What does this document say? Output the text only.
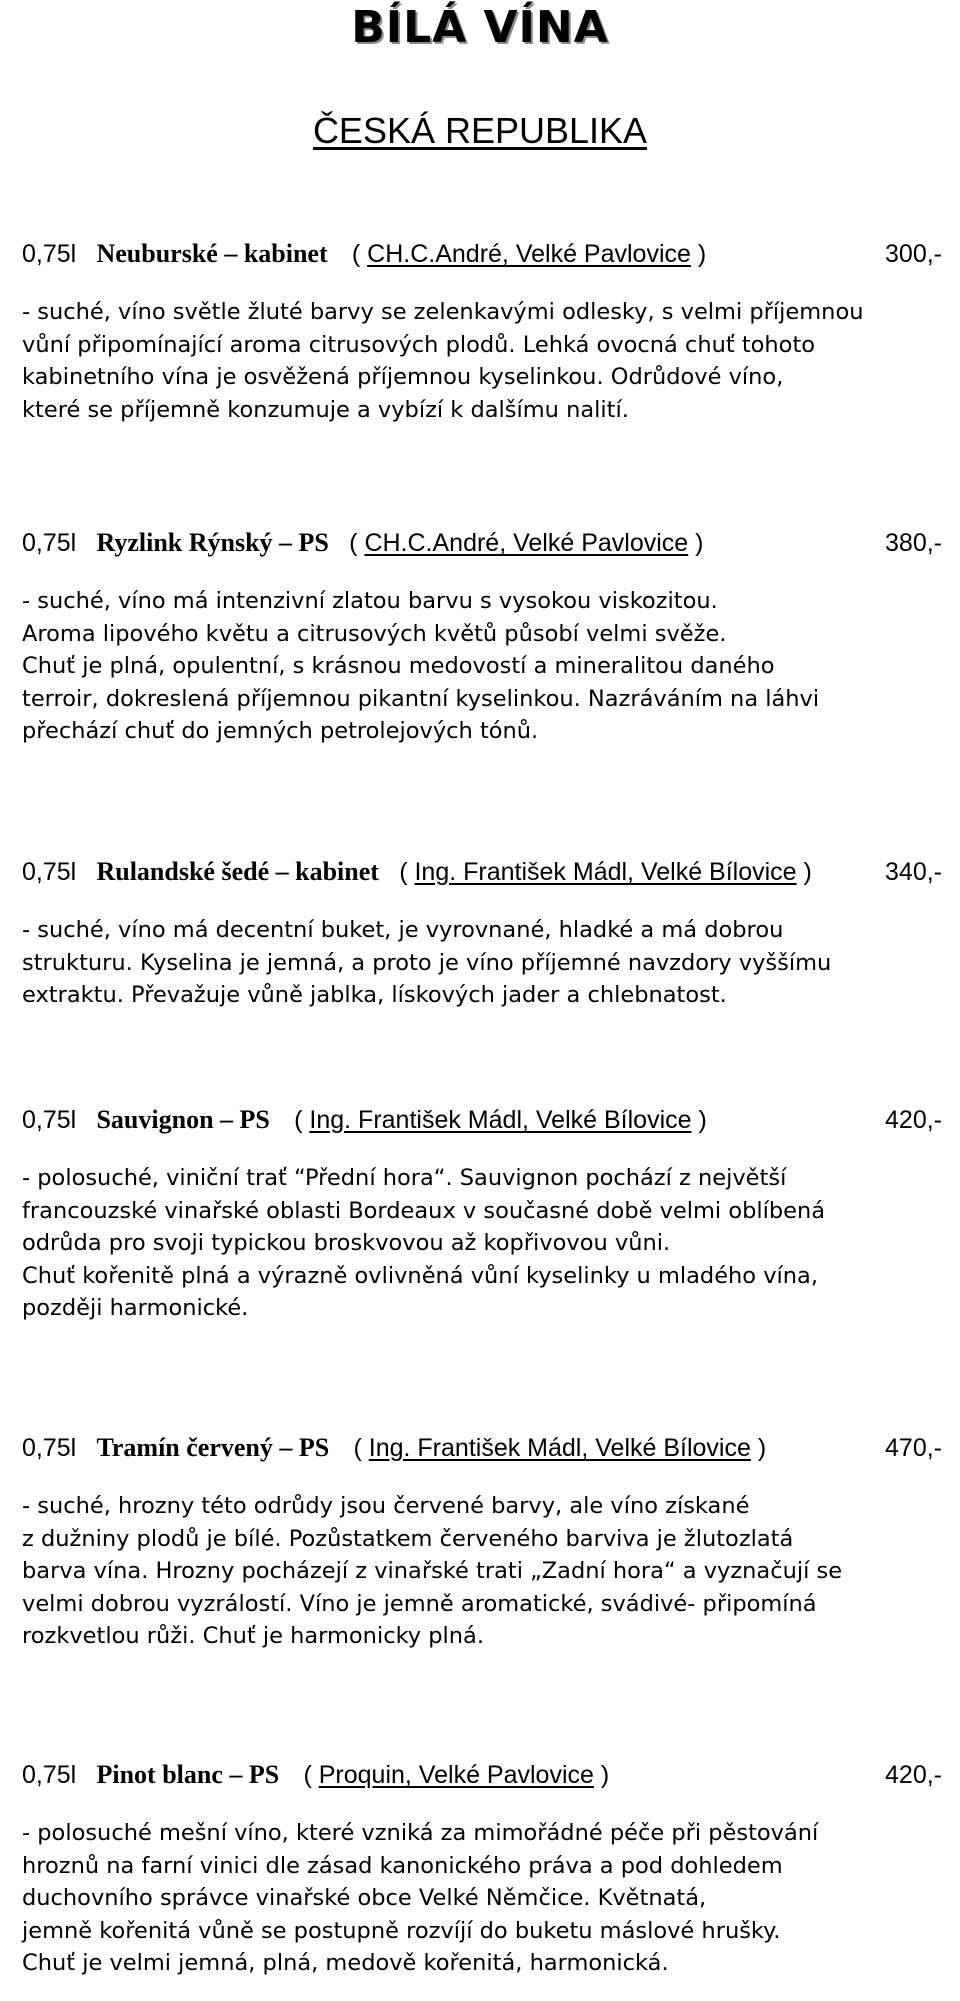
BÍLÁ VÍNA
ČESKÁ REPUBLIKA
0,75l Neuburské – kabinet ( CH.C.André, Velké Pavlovice )	300,-
- suché, víno světle žluté barvy se zelenkavými odlesky, s velmi příjemnou
vůní připomínající aroma citrusových plodů. Lehká ovocná chuť tohoto
kabinetního vína je osvěžená příjemnou kyselinkou. Odrůdové víno,
které se příjemně konzumuje a vybízí k dalšímu nalití.
0,75l Ryzlink Rýnský – PS ( CH.C.André, Velké Pavlovice )	380,-
- suché, víno má intenzivní zlatou barvu s vysokou viskozitou.
Aroma lipového květu a citrusových květů působí velmi svěže.
Chuť je plná, opulentní, s krásnou medovostí a mineralitou daného
terroir, dokreslená příjemnou pikantní kyselinkou. Nazráváním na láhvi
přechází chuť do jemných petrolejových tónů.
0,75l Rulandské šedé – kabinet ( Ing. František Mádl, Velké Bílovice )	340,-
- suché, víno má decentní buket, je vyrovnané, hladké a má dobrou
strukturu. Kyselina je jemná, a proto je víno příjemné navzdory vyššímu
extraktu. Převažuje vůně jablka, lískových jader a chlebnatost.
0,75l Sauvignon – PS ( Ing. František Mádl, Velké Bílovice )	420,-
- polosuché, viniční trať “Přední hora“. Sauvignon pochází z největší
francouzské vinařské oblasti Bordeaux v současné době velmi oblíbená
odrůda pro svoji typickou broskvovou až kopřivovou vůni.
Chuť kořenitě plná a výrazně ovlivněná vůní kyselinky u mladého vína,
později harmonické.
0,75l Tramín červený – PS ( Ing. František Mádl, Velké Bílovice )	470,-
- suché, hrozny této odrůdy jsou červené barvy, ale víno získané
z dužniny plodů je bílé. Pozůstatkem červeného barviva je žlutozlatá
barva vína. Hrozny pocházejí z vinařské trati „Zadní hora“ a vyznačují se
velmi dobrou vyzrálostí. Víno je jemně aromatické, svádivé- připomíná
rozkvetlou růži. Chuť je harmonicky plná.
0,75l Pinot blanc – PS ( Proquin, Velké Pavlovice )	420,-
- polosuché mešní víno, které vzniká za mimořádné péče při pěstování
hroznů na farní vinici dle zásad kanonického práva a pod dohledem
duchovního správce vinařské obce Velké Němčice. Květnatá,
jemně kořenitá vůně se postupně rozvíjí do buketu máslové hrušky.
Chuť je velmi jemná, plná, medově kořenitá, harmonická.
